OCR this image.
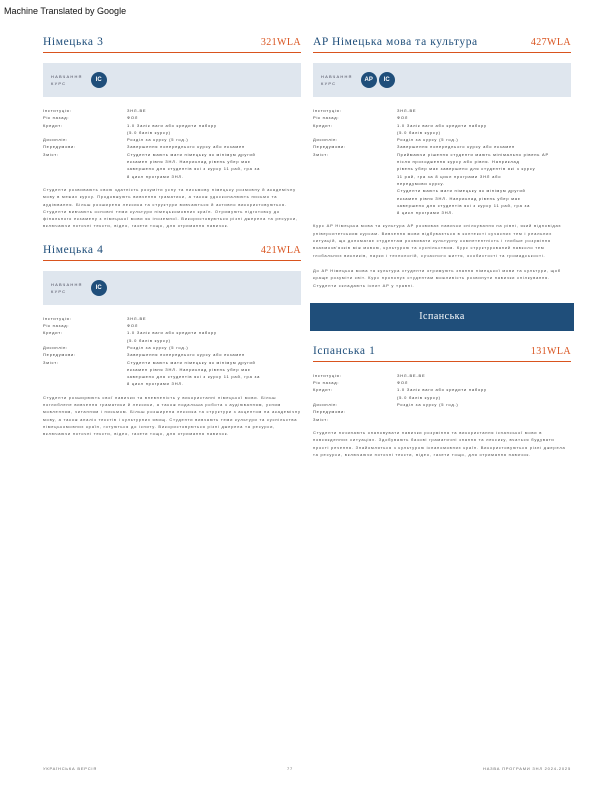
Machine Translated by Google
Німецька 3	321WLA
НАВЧАННЯ
КУРС
ІС
Інституція:	ЗНЛ-ВЕ
Рік назад:	ФОЛ
Кредит:	1.0 Залік ваги або кредити набору
(5.0 балів курсу)
Дисиплін:	Розділ за курсу (5 год.)
Передумови:	Завершення попереднього курсу або екзамен
Зміст:	Студенти мають мати німецьку як мінімум другий
екзамен рівня ЗНЛ. Наприклад рівень убер має
завершено для студентів які з курсу 11 рай, гра за
8 цикл програми ЗНЛ.
Студенти розвивають свою здатність розуміти усну та письмову німецьку розмовну й академічну мову в межах курсу. Продовжують вивчення граматики, а також удосконалюють письмо та аудіювання. Більш розширена лексика та структури вивчаються й активно використовуються. Студенти вивчають основні теми культури німецькомовних країн. Отримують підготовку до фінального екзамену з німецької мови як іноземної. Використовуються різні джерела та ресурси, включаючи поточні тексти, відео, газети тощо, для отримання навичок.
Німецька 4	421WLA
НАВЧАННЯ
КУРС
ІС
Інституція:	ЗНЛ-ВЕ
Рік назад:	ФОЛ
Кредит:	1.0 Залік ваги або кредити набору
(5.0 балів курсу)
Дисиплін:	Розділ за курсу (5 год.)
Передумови:	Завершення попереднього курсу або екзамен
Зміст:	Студенти мають мати німецьку як мінімум другий
екзамен рівня ЗНЛ. Наприклад рівень убер має
завершено для студентів які з курсу 11 рай, гра за
8 цикл програми ЗНЛ.
Студенти розширюють свої навички та впевненість у використанні німецької мови. Більш поглиблене вивчення граматики й лексики, а також подальша робота з аудіюванням, усним мовленням, читанням і письмом. Більш розширена лексика та структури з акцентом на академічну мову, а також аналіз текстів і культурних явищ. Студенти вивчають теми культури та суспільства німецькомовних країн, готуються до іспиту. Використовуються різні джерела та ресурси, включаючи поточні тексти, відео, газети тощо, для отримання навичок.
AP Німецька мова та культура	427WLA
НАВЧАННЯ
КУРС
АР	ІС
Інституція:	ЗНЛ-ВЕ
Рік назад:	ФОЛ
Кредит:	1.0 Залік ваги або кредити набору
(5.0 балів курсу)
Дисиплін:	Розділ за курсу (5 год.)
Передумови:	Завершення попереднього курсу або екзамен
Зміст:	Приймаючи рішення студенти мають мінімально рівень АР
після проходження курсу або рівня. Наприклад
рівень убер має завершено для студентів які з курсу
11 рай, гра за 8 цикл програми ЗНЛ або
передумови курсу.
Студенти мають мати німецьку як мінімум другий
екзамен рівня ЗНЛ. Наприклад рівень убер має
завершено для студентів які з курсу 11 рай, гра за
8 цикл програми ЗНЛ.
Курс AP Німецька мова та культура AP розвиває навички спілкування на рівні, який відповідає університетським курсам. Вивчення мови відбувається в контексті сучасних тем і реальних ситуацій, що допомагає студентам розвивати культурну компетентність і глибше розуміння взаємозв'язків між мовою, культурою та суспільством. Курс структурований навколо тем глобальних викликів, науки і технологій, сучасного життя, особистості та громадськості.
До AP Німецька мова та культура студенти отримують знання німецької мови та культури, щоб краще розуміти світ. Курс пропонує студентам можливість розвинути навички спілкування. Студенти складають іспит AP у травні.
Іспанська
Іспанська 1	131WLA
Інституція:	ЗНЛ-ВЕ-ВЕ
Рік назад:	ФОЛ
Кредит:	1.0 Залік ваги або кредити набору
(5.0 балів курсу)
Дисиплін:	Розділ за курсу (5 год.)
Передумови:
Зміст:
Студенти починають опановувати навички розуміння та використання іспанської мови в повсякденних ситуаціях. Здобувають базові граматичні знання та лексику, вчаться будувати прості речення. Знайомляться з культурою іспаномовних країн. Використовуються різні джерела та ресурси, включаючи поточні тексти, відео, газети тощо, для отримання навичок.
УКРАЇНСЬКА ВЕРСІЯ	77	НАЗВА ПРОГРАМИ ЗНЛ 2024-2025
